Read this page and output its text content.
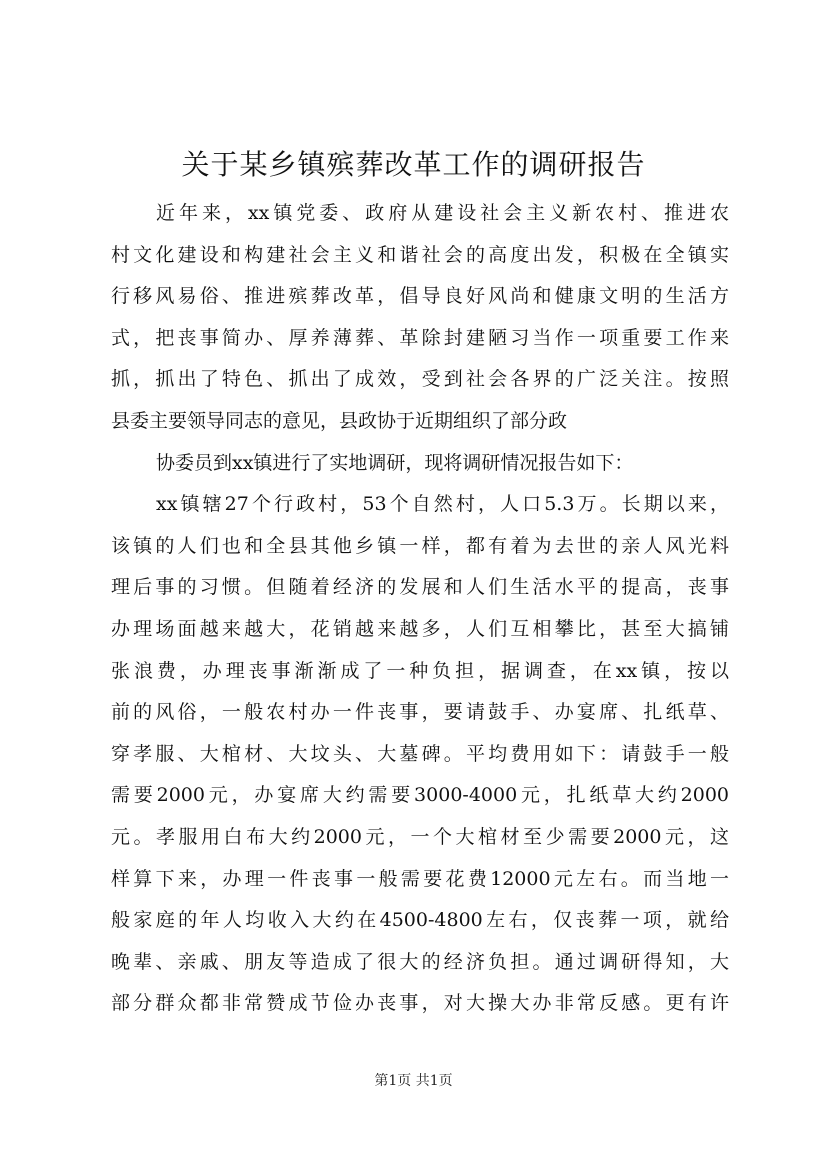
关于某乡镇殡葬改革工作的调研报告
近年来，xx镇党委、政府从建设社会主义新农村、推进农
村文化建设和构建社会主义和谐社会的高度出发，积极在全镇实
行移风易俗、推进殡葬改革，倡导良好风尚和健康文明的生活方
式，把丧事简办、厚养薄葬、革除封建陋习当作一项重要工作来
抓，抓出了特色、抓出了成效，受到社会各界的广泛关注。按照
县委主要领导同志的意见，县政协于近期组织了部分政
协委员到xx镇进行了实地调研，现将调研情况报告如下：
xx镇辖27个行政村，53个自然村，人口5.3万。长期以来，
该镇的人们也和全县其他乡镇一样，都有着为去世的亲人风光料
理后事的习惯。但随着经济的发展和人们生活水平的提高，丧事
办理场面越来越大，花销越来越多，人们互相攀比，甚至大搞铺
张浪费，办理丧事渐渐成了一种负担，据调查，在xx镇，按以
前的风俗，一般农村办一件丧事，要请鼓手、办宴席、扎纸草、
穿孝服、大棺材、大坟头、大墓碑。平均费用如下：请鼓手一般
需要2000元，办宴席大约需要3000-4000元，扎纸草大约2000
元。孝服用白布大约2000元，一个大棺材至少需要2000元，这
样算下来，办理一件丧事一般需要花费12000元左右。而当地一
般家庭的年人均收入大约在4500-4800左右，仅丧葬一项，就给
晚辈、亲戚、朋友等造成了很大的经济负担。通过调研得知，大
部分群众都非常赞成节俭办丧事，对大操大办非常反感。更有许
第1页 共1页
